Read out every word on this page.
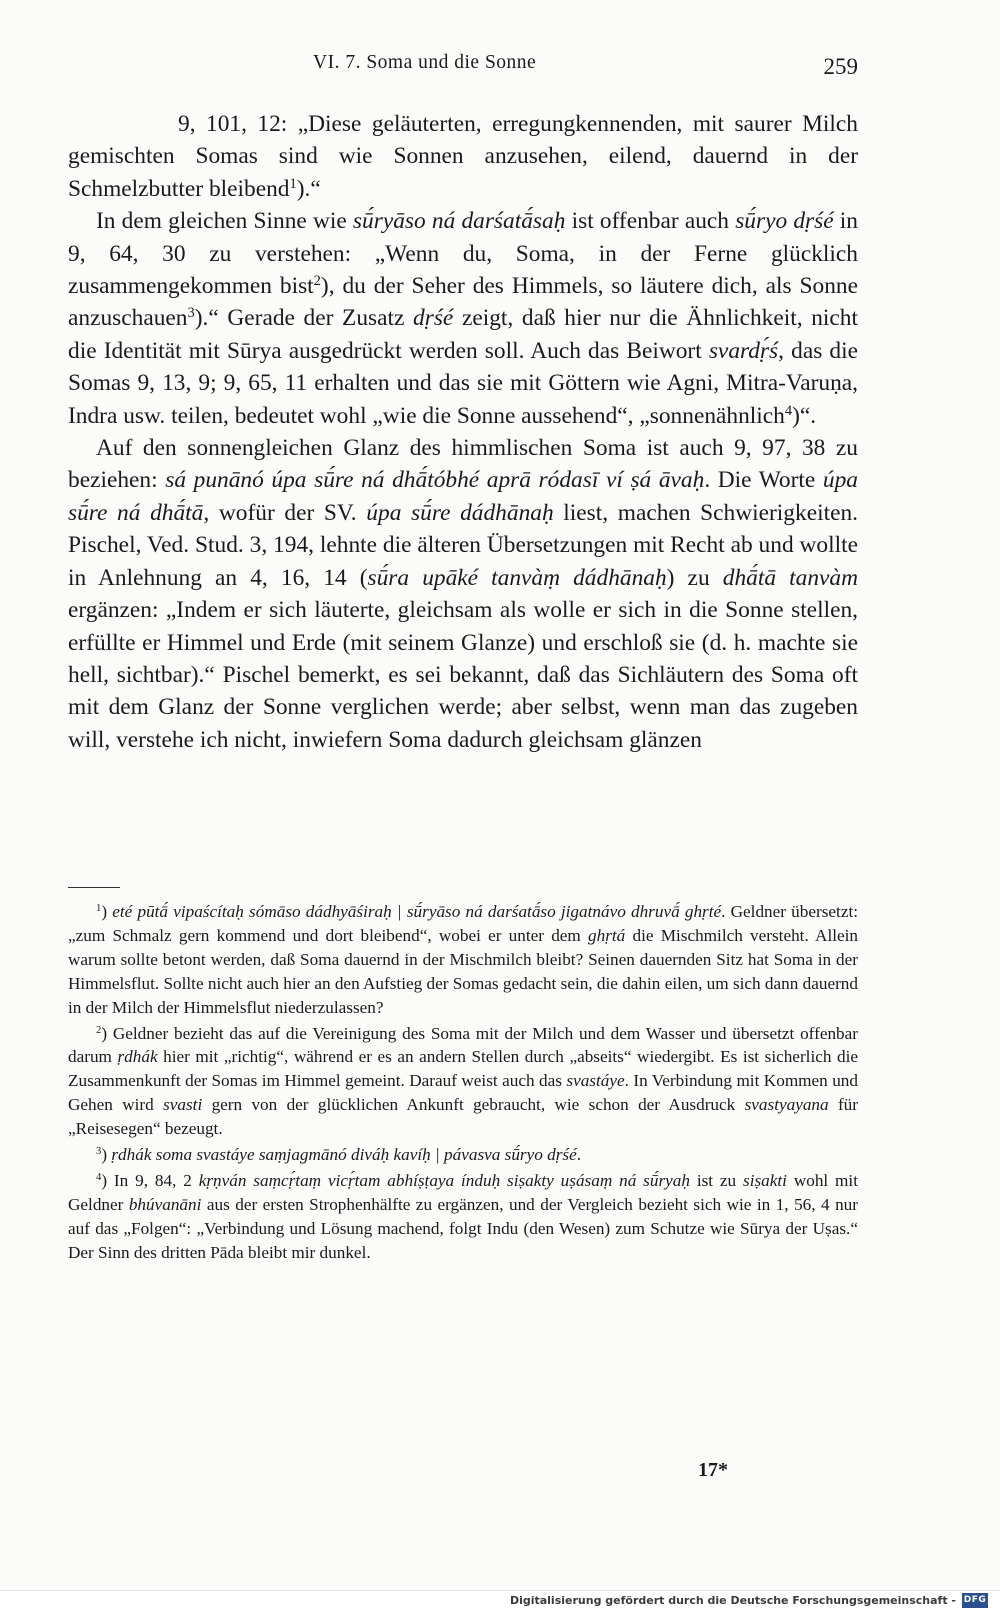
VI. 7. Soma und die Sonne	259

9, 101, 12: „Diese geläuterten, erregungkennenden, mit saurer Milch gemischten Somas sind wie Sonnen anzusehen, eilend, dauernd in der Schmelzbutter bleibend$^1$).“

In dem gleichen Sinne wie sū́ryāso ná darśatā́saḥ ist offenbar auch sū́ryo dṛśé in 9, 64, 30 zu verstehen: „Wenn du, Soma, in der Ferne glücklich zusammengekommen bist$^2$), du der Seher des Himmels, so läutere dich, als Sonne anzuschauen$^3$).“ Gerade der Zusatz dṛśé zeigt, daß hier nur die Ähnlichkeit, nicht die Identität mit Sūrya ausgedrückt werden soll. Auch das Beiwort svardṛ́ś, das die Somas 9, 13, 9; 9, 65, 11 erhalten und das sie mit Göttern wie Agni, Mitra-Varuṇa, Indra usw. teilen, bedeutet wohl „wie die Sonne aussehend“, „sonnenähnlich$^4$)“.

Auf den sonnengleichen Glanz des himmlischen Soma ist auch 9, 97, 38 zu beziehen: sá punānó úpa sū́re ná dhā́tóbhé aprā ródasī ví ṣá āvaḥ. Die Worte úpa sū́re ná dhā́tā, wofür der SV. úpa sū́re dádhānaḥ liest, machen Schwierigkeiten. Pischel, Ved. Stud. 3, 194, lehnte die älteren Übersetzungen mit Recht ab und wollte in Anlehnung an 4, 16, 14 (sū́ra upāké tanvàṃ dádhānaḥ) zu dhā́tā tanvàm ergänzen: „Indem er sich läuterte, gleichsam als wolle er sich in die Sonne stellen, erfüllte er Himmel und Erde (mit seinem Glanze) und erschloß sie (d. h. machte sie hell, sichtbar).“ Pischel bemerkt, es sei bekannt, daß das Sichläutern des Soma oft mit dem Glanz der Sonne verglichen werde; aber selbst, wenn man das zugeben will, verstehe ich nicht, inwiefern Soma dadurch gleichsam glänzen

$^1$) eté pūtā́ vipaścítaḥ sómāso dádhyāśiraḥ | sū́ryāso ná darśatā́so jigatnávo dhruvā́ ghṛté. Geldner übersetzt: „zum Schmalz gern kommend und dort bleibend“, wobei er unter dem ghṛtá die Mischmilch versteht. Allein warum sollte betont werden, daß Soma dauernd in der Mischmilch bleibt? Seinen dauernden Sitz hat Soma in der Himmelsflut. Sollte nicht auch hier an den Aufstieg der Somas gedacht sein, die dahin eilen, um sich dann dauernd in der Milch der Himmelsflut niederzulassen?

$^2$) Geldner bezieht das auf die Vereinigung des Soma mit der Milch und dem Wasser und übersetzt offenbar darum ṛdhák hier mit „richtig“, während er es an andern Stellen durch „abseits“ wiedergibt. Es ist sicherlich die Zusammenkunft der Somas im Himmel gemeint. Darauf weist auch das svastáye. In Verbindung mit Kommen und Gehen wird svasti gern von der glücklichen Ankunft gebraucht, wie schon der Ausdruck svastyayana für „Reisesegen“ bezeugt.

$^3$) ṛdhák soma svastáye saṃjagmānó diváḥ kavíḥ | pávasva sū́ryo dṛśé.

$^4$) In 9, 84, 2 kṛṇván saṃcṛ́taṃ vicṛ́tam abhíṣṭaya índuḥ siṣakty uṣásaṃ ná sū́ryaḥ ist zu siṣakti wohl mit Geldner bhúvanāni aus der ersten Strophenhälfte zu ergänzen, und der Vergleich bezieht sich wie in 1, 56, 4 nur auf das „Folgen“: „Verbindung und Lösung machend, folgt Indu (den Wesen) zum Schutze wie Sūrya der Uṣas.“ Der Sinn des dritten Pāda bleibt mir dunkel.

17*
Digitalisierung gefördert durch die Deutsche Forschungsgemeinschaft - DFG
